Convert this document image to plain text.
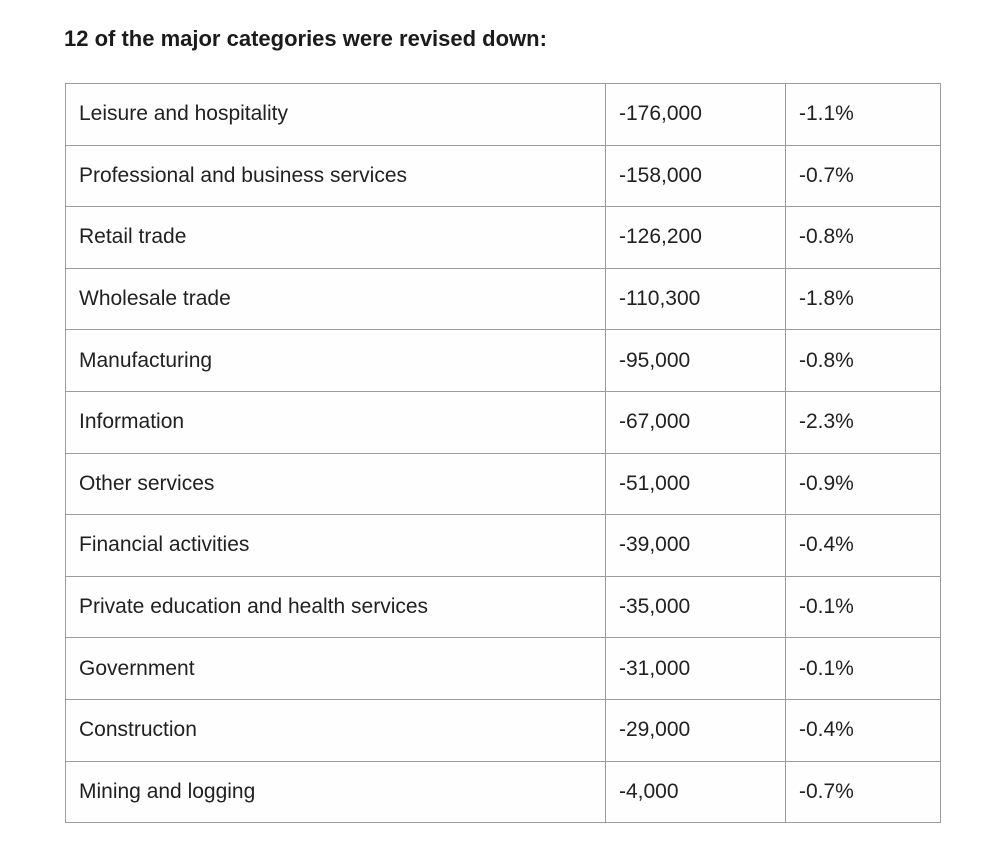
12 of the major categories were revised down:
Leisure and hospitality	-176,000	-1.1%
Professional and business services	-158,000	-0.7%
Retail trade	-126,200	-0.8%
Wholesale trade	-110,300	-1.8%
Manufacturing	-95,000	-0.8%
Information	-67,000	-2.3%
Other services	-51,000	-0.9%
Financial activities	-39,000	-0.4%
Private education and health services	-35,000	-0.1%
Government	-31,000	-0.1%
Construction	-29,000	-0.4%
Mining and logging	-4,000	-0.7%
